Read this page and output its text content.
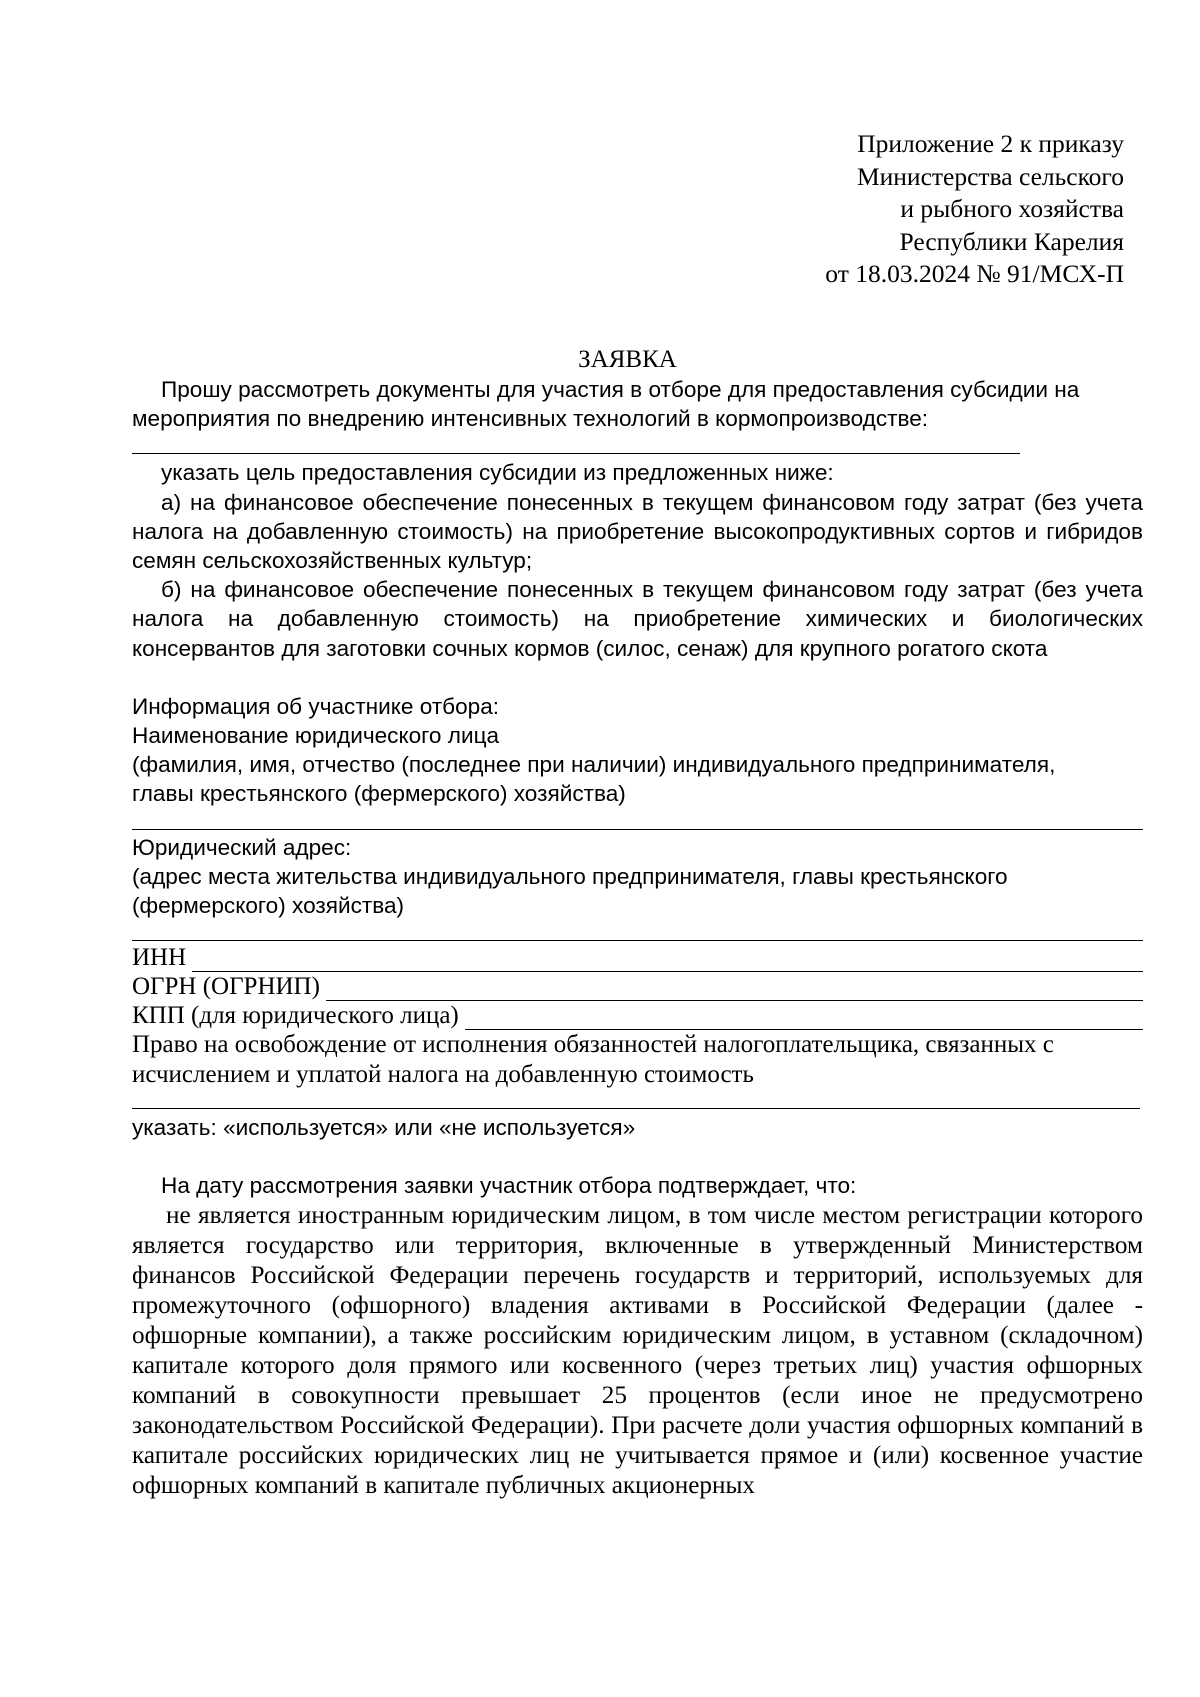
Приложение 2 к приказу
Министерства сельского
и рыбного хозяйства
Республики Карелия
от 18.03.2024 № 91/МСХ-П
ЗАЯВКА
Прошу рассмотреть документы для участия в отборе для предоставления субсидии на
мероприятия по внедрению интенсивных технологий в кормопроизводстве:
указать цель предоставления субсидии из предложенных ниже:
а) на финансовое обеспечение понесенных в текущем финансовом году затрат (без учета налога на добавленную стоимость) на приобретение высокопродуктивных сортов и гибридов семян сельскохозяйственных культур;
б) на финансовое обеспечение понесенных в текущем финансовом году затрат (без учета налога на добавленную стоимость) на приобретение химических и биологических консервантов для заготовки сочных кормов (силос, сенаж) для крупного рогатого скота
Информация об участнике отбора:
Наименование юридического лица
(фамилия, имя, отчество (последнее при наличии) индивидуального предпринимателя,
главы крестьянского (фермерского) хозяйства)
Юридический адрес:
(адрес места жительства индивидуального предпринимателя, главы крестьянского
(фермерского) хозяйства)
ИНН
ОГРН (ОГРНИП)
КПП (для юридического лица)
Право на освобождение от исполнения обязанностей налогоплательщика, связанных с
исчислением и уплатой налога на добавленную стоимость
указать: «используется» или «не используется»
На дату рассмотрения заявки участник отбора подтверждает, что:
не является иностранным юридическим лицом, в том числе местом регистрации которого является государство или территория, включенные в утвержденный Министерством финансов Российской Федерации перечень государств и территорий, используемых для промежуточного (офшорного) владения активами в Российской Федерации (далее - офшорные компании), а также российским юридическим лицом, в уставном (складочном) капитале которого доля прямого или косвенного (через третьих лиц) участия офшорных компаний в совокупности превышает 25 процентов (если иное не предусмотрено законодательством Российской Федерации). При расчете доли участия офшорных компаний в капитале российских юридических лиц не учитывается прямое и (или) косвенное участие офшорных компаний в капитале публичных акционерных
